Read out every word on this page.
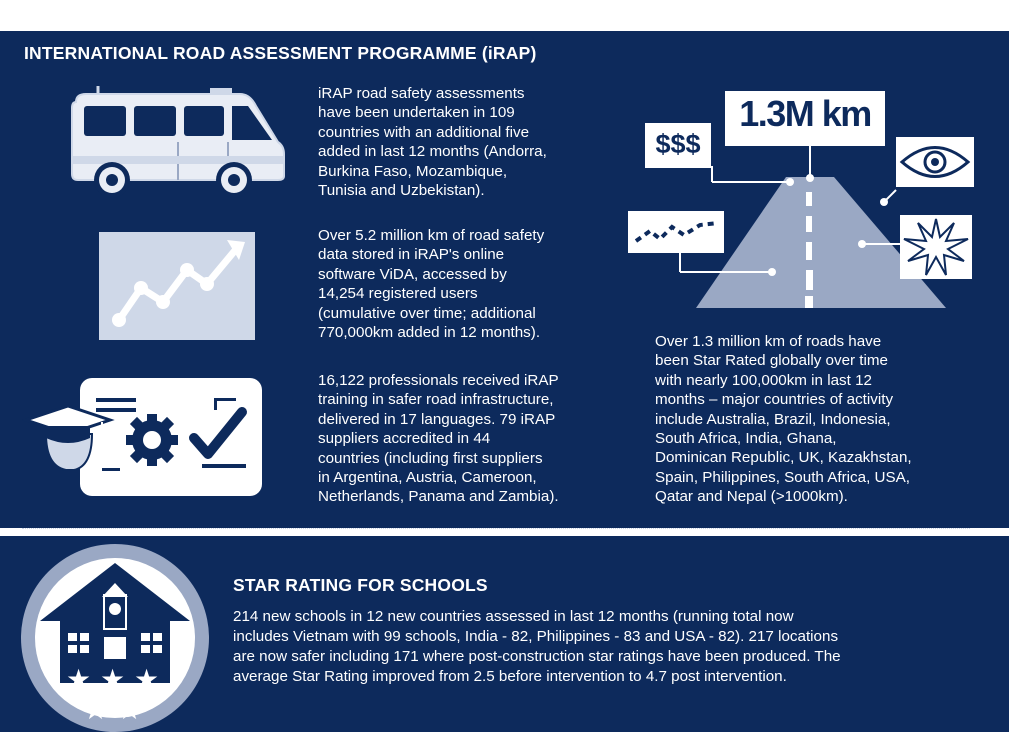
INTERNATIONAL ROAD ASSESSMENT PROGRAMME (iRAP)
1.3M km
$$$
iRAP road safety assessments
have been undertaken in 109
countries with an additional five
added in last 12 months (Andorra,
Burkina Faso, Mozambique,
Tunisia and Uzbekistan).
Over 5.2 million km of road safety
data stored in iRAP's online
software ViDA, accessed by
14,254 registered users
(cumulative over time; additional
770,000km added in 12 months).
16,122 professionals received iRAP
training in safer road infrastructure,
delivered in 17 languages. 79 iRAP
suppliers accredited in 44
countries (including first suppliers
in Argentina, Austria, Cameroon,
Netherlands, Panama and Zambia).
Over 1.3 million km of roads have
been Star Rated globally over time
with nearly 100,000km in last 12
months – major countries of activity
include Australia, Brazil, Indonesia,
South Africa, India, Ghana,
Dominican Republic, UK, Kazakhstan,
Spain, Philippines, South Africa, USA,
Qatar and Nepal (>1000km).
★ ★ ★
★ ★
STAR RATING FOR SCHOOLS
214 new schools in 12 new countries assessed in last 12 months (running total now
includes Vietnam with 99 schools, India - 82, Philippines - 83 and USA - 82). 217 locations
are now safer including 171 where post-construction star ratings have been produced. The
average Star Rating improved from 2.5 before intervention to 4.7 post intervention.
